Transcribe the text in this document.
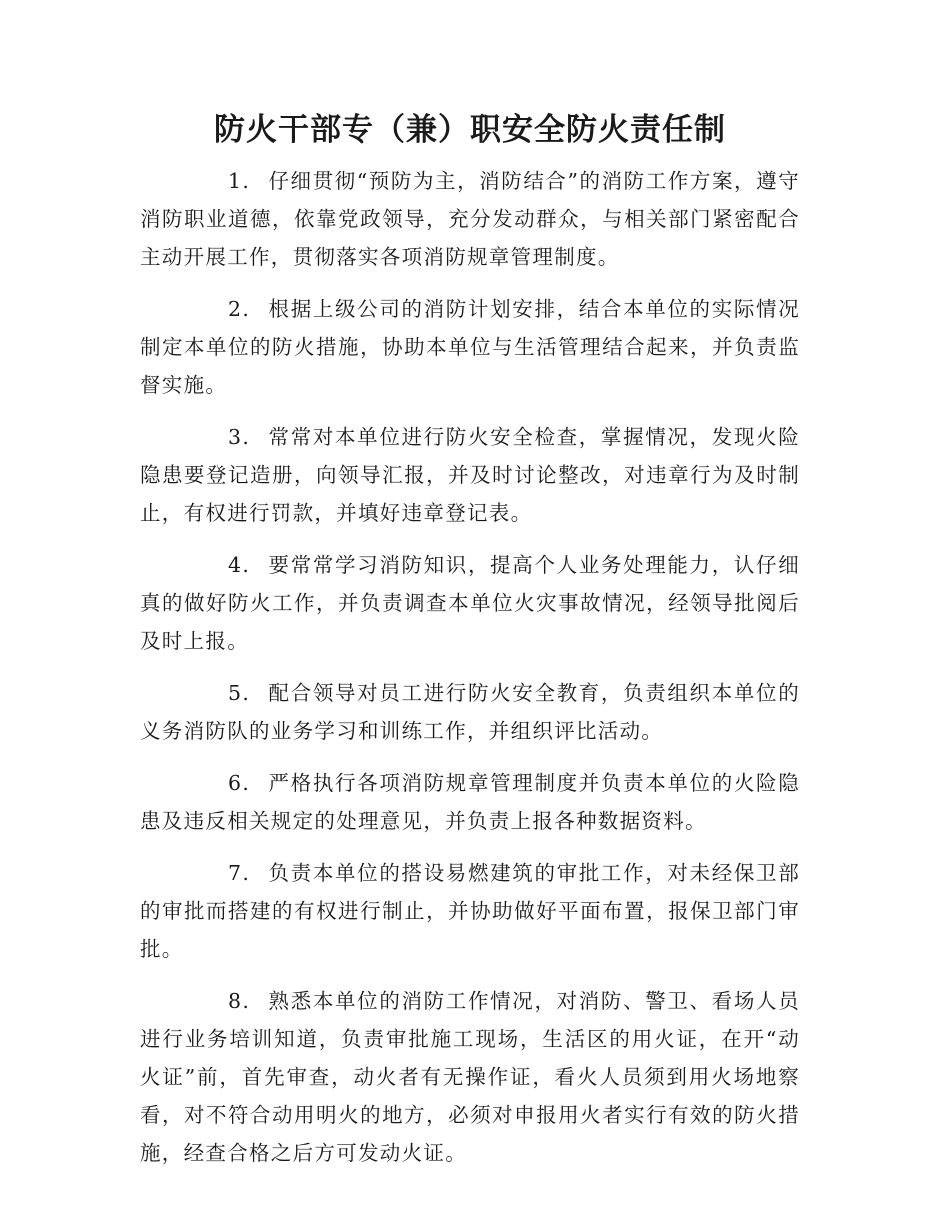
防火干部专（兼）职安全防火责任制

1. 仔细贯彻“预防为主，消防结合”的消防工作方案，遵守消防职业道德，依靠党政领导，充分发动群众，与相关部门紧密配合主动开展工作，贯彻落实各项消防规章管理制度。

2. 根据上级公司的消防计划安排，结合本单位的实际情况制定本单位的防火措施，协助本单位与生活管理结合起来，并负责监督实施。

3. 常常对本单位进行防火安全检查，掌握情况，发现火险隐患要登记造册，向领导汇报，并及时讨论整改，对违章行为及时制止，有权进行罚款，并填好违章登记表。

4. 要常常学习消防知识，提高个人业务处理能力，认仔细真的做好防火工作，并负责调查本单位火灾事故情况，经领导批阅后及时上报。

5. 配合领导对员工进行防火安全教育，负责组织本单位的义务消防队的业务学习和训练工作，并组织评比活动。

6. 严格执行各项消防规章管理制度并负责本单位的火险隐患及违反相关规定的处理意见，并负责上报各种数据资料。

7. 负责本单位的搭设易燃建筑的审批工作，对未经保卫部的审批而搭建的有权进行制止，并协助做好平面布置，报保卫部门审批。

8. 熟悉本单位的消防工作情况，对消防、警卫、看场人员进行业务培训知道，负责审批施工现场，生活区的用火证，在开“动火证”前，首先审查，动火者有无操作证，看火人员须到用火场地察看，对不符合动用明火的地方，必须对申报用火者实行有效的防火措施，经查合格之后方可发动火证。
